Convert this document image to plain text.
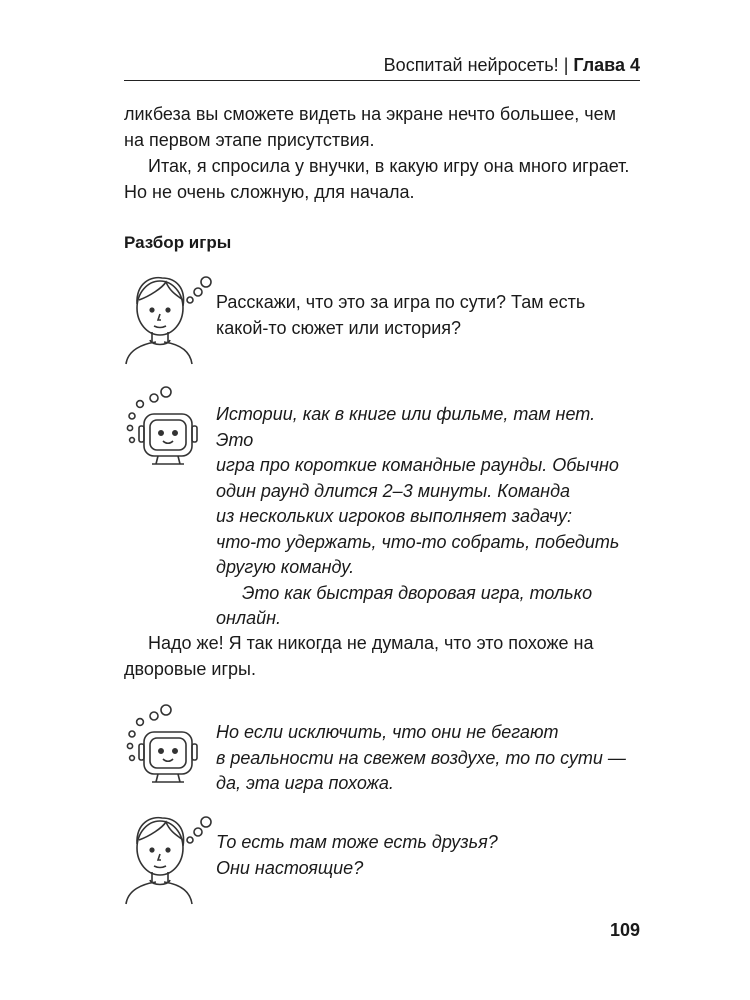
Воспитай нейросеть! | Глава 4

ликбеза вы сможете видеть на экране нечто большее, чем на первом этапе присутствия.

Итак, я спросила у внучки, в какую игру она много играет. Но не очень сложную, для начала.

Разбор игры
Расскажи, что это за игра по сути? Там есть
какой-то сюжет или история?
Истории, как в книге или фильме, там нет. Это
игра про короткие командные раунды. Обычно
один раунд длится 2–3 минуты. Команда
из нескольких игроков выполняет задачу:
что-то удержать, что-то собрать, победить
другую команду.
Это как быстрая дворовая игра, только
онлайн.

Надо же! Я так никогда не думала, что это похоже на дворовые игры.

Но если исключить, что они не бегают
в реальности на свежем воздухе, то по сути —
да, эта игра похожа.
То есть там тоже есть друзья?
Они настоящие?
109
